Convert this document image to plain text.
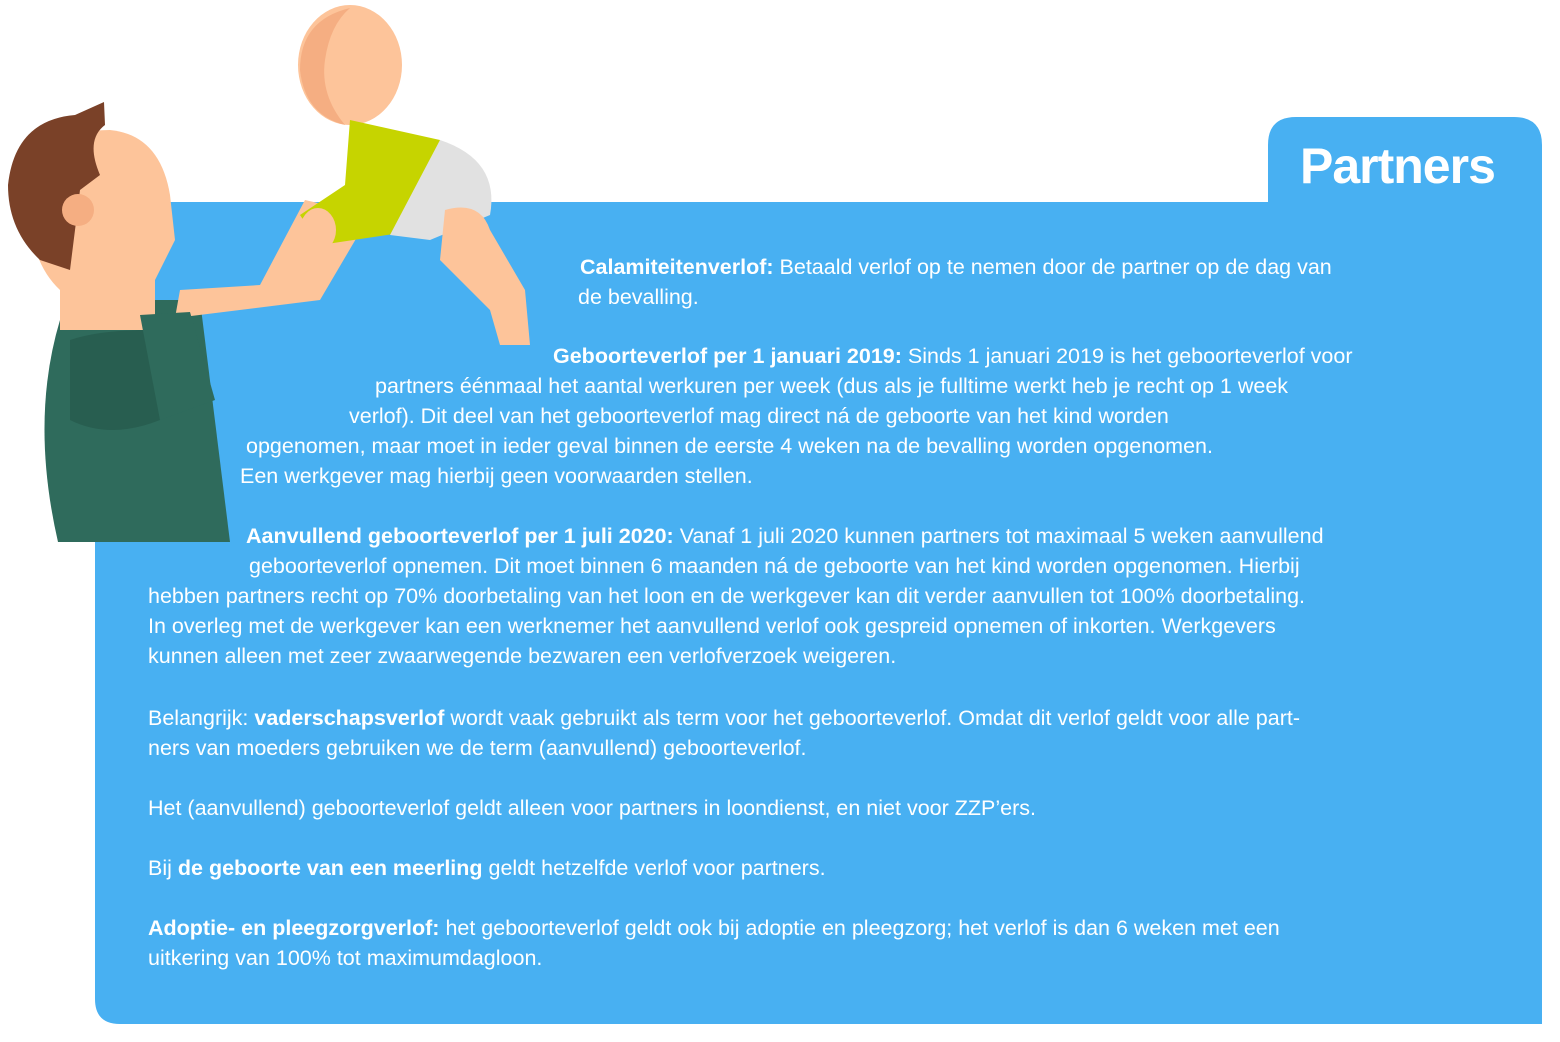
Partners
Calamiteitenverlof: Betaald verlof op te nemen door de partner op de dag van
de bevalling.
Geboorteverlof per 1 januari 2019: Sinds 1 januari 2019 is het geboorteverlof voor
partners éénmaal het aantal werkuren per week (dus als je fulltime werkt heb je recht op 1 week
verlof). Dit deel van het geboorteverlof mag direct ná de geboorte van het kind worden
opgenomen, maar moet in ieder geval binnen de eerste 4 weken na de bevalling worden opgenomen.
Een werkgever mag hierbij geen voorwaarden stellen.
Aanvullend geboorteverlof per 1 juli 2020: Vanaf 1 juli 2020 kunnen partners tot maximaal 5 weken aanvullend
geboorteverlof opnemen. Dit moet binnen 6 maanden ná de geboorte van het kind worden opgenomen. Hierbij
hebben partners recht op 70% doorbetaling van het loon en de werkgever kan dit verder aanvullen tot 100% doorbetaling.
In overleg met de werkgever kan een werknemer het aanvullend verlof ook gespreid opnemen of inkorten. Werkgevers
kunnen alleen met zeer zwaarwegende bezwaren een verlofverzoek weigeren.
Belangrijk: vaderschapsverlof wordt vaak gebruikt als term voor het geboorteverlof. Omdat dit verlof geldt voor alle part-
ners van moeders gebruiken we de term (aanvullend) geboorteverlof.
Het (aanvullend) geboorteverlof geldt alleen voor partners in loondienst, en niet voor ZZP’ers.
Bij de geboorte van een meerling geldt hetzelfde verlof voor partners.
Adoptie- en pleegzorgverlof: het geboorteverlof geldt ook bij adoptie en pleegzorg; het verlof is dan 6 weken met een
uitkering van 100% tot maximumdagloon.
